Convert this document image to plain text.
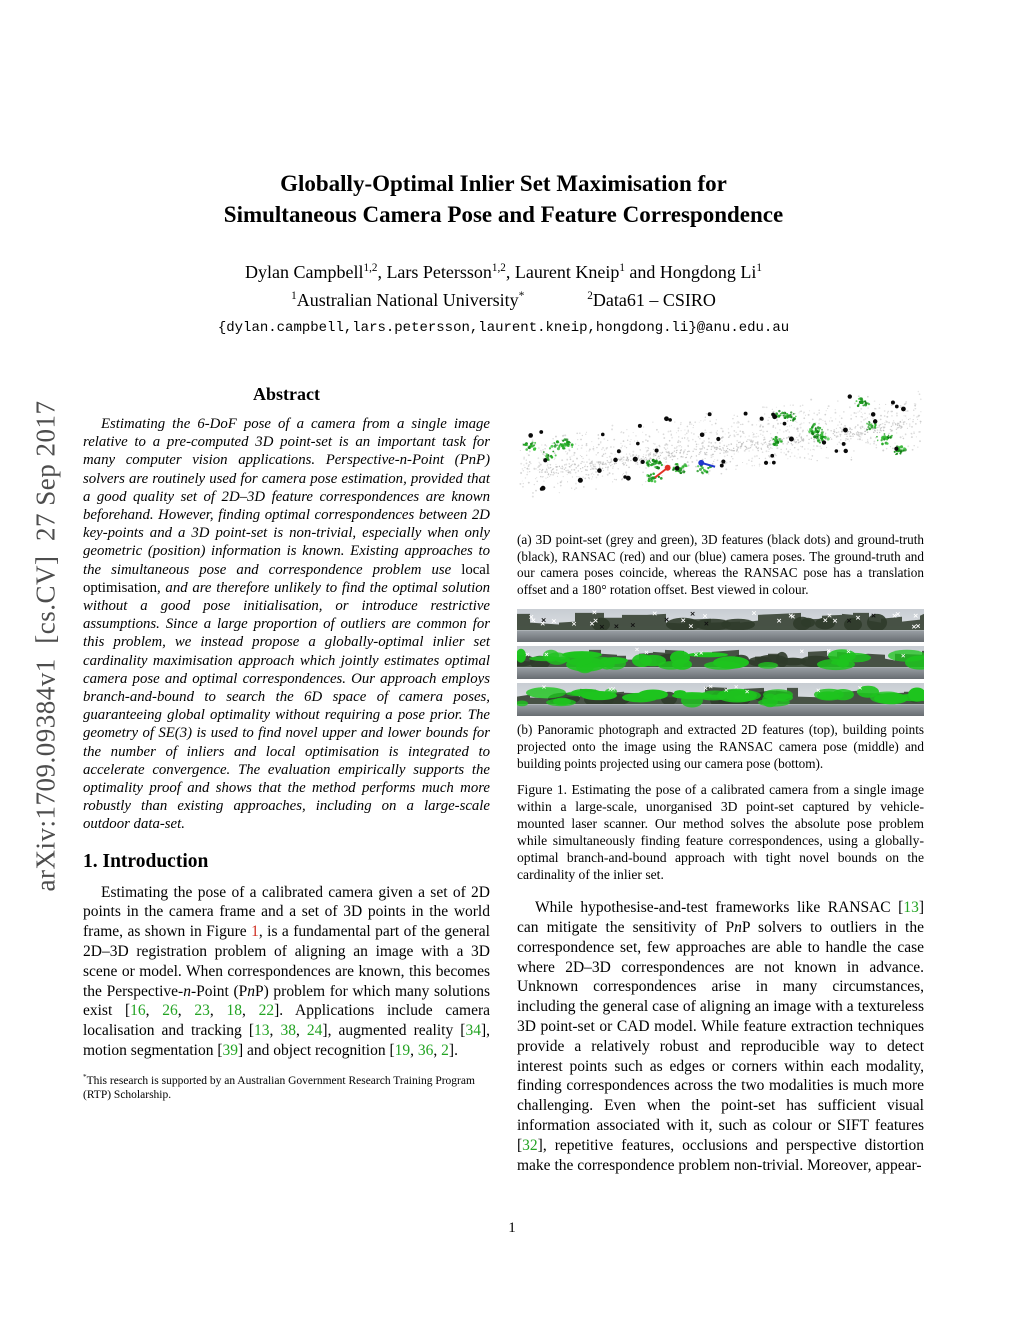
arXiv:1709.09384v1  [cs.CV]  27 Sep 2017
Globally-Optimal Inlier Set Maximisation for
Simultaneous Camera Pose and Feature Correspondence
Dylan Campbell$^{1,2}$, Lars Petersson$^{1,2}$, Laurent Kneip$^1$ and Hongdong Li$^1$
$^1$Australian National University*       	$^2$Data61 – CSIRO
{dylan.campbell,lars.petersson,laurent.kneip,hongdong.li}@anu.edu.au
Abstract

Estimating the 6-DoF pose of a camera from a single image relative to a pre-computed 3D point-set is an important task for many computer vision applications. Perspective-n-Point (PnP) solvers are routinely used for camera pose estimation, provided that a good quality set of 2D–3D feature correspondences are known beforehand. However, finding optimal correspondences between 2D key-points and a 3D point-set is non-trivial, especially when only geometric (position) information is known. Existing approaches to the simultaneous pose and correspondence problem use local optimisation, and are therefore unlikely to find the optimal solution without a good pose initialisation, or introduce restrictive assumptions. Since a large proportion of outliers are common for this problem, we instead propose a globally-optimal inlier set cardinality maximisation approach which jointly estimates optimal camera pose and optimal correspondences. Our approach employs branch-and-bound to search the 6D space of camera poses, guaranteeing global optimality without requiring a pose prior. The geometry of SE(3) is used to find novel upper and lower bounds for the number of inliers and local optimisation is integrated to accelerate convergence. The evaluation empirically supports the optimality proof and shows that the method performs much more robustly than existing approaches, including on a large-scale outdoor data-set.

1. Introduction

Estimating the pose of a calibrated camera given a set of 2D points in the camera frame and a set of 3D points in the world frame, as shown in Figure 1, is a fundamental part of the general 2D–3D registration problem of aligning an image with a 3D scene or model. When correspondences are known, this becomes the Perspective-n-Point (PnP) problem for which many solutions exist [16, 26, 23, 18, 22]. Applications include camera localisation and tracking [13, 38, 24], augmented reality [34], motion segmentation [39] and object recognition [19, 36, 2].

*This research is supported by an Australian Government Research Training Program (RTP) Scholarship.

(a) 3D point-set (grey and green), 3D features (black dots) and ground-truth (black), RANSAC (red) and our (blue) camera poses. The ground-truth and our camera poses coincide, whereas the RANSAC pose has a translation offset and a 180° rotation offset. Best viewed in colour.

(b) Panoramic photograph and extracted 2D features (top), building points projected onto the image using the RANSAC camera pose (middle) and building points projected using our camera pose (bottom).

Figure 1. Estimating the pose of a calibrated camera from a single image within a large-scale, unorganised 3D point-set captured by vehicle-mounted laser scanner. Our method solves the absolute pose problem while simultaneously finding feature correspondences, using a globally-optimal branch-and-bound approach with tight novel bounds on the cardinality of the inlier set.

While hypothesise-and-test frameworks like RANSAC [13] can mitigate the sensitivity of PnP solvers to outliers in the correspondence set, few approaches are able to handle the case where 2D–3D correspondences are not known in advance. Unknown correspondences arise in many circumstances, including the general case of aligning an image with a textureless 3D point-set or CAD model. While feature extraction techniques provide a relatively robust and reproducible way to detect interest points such as edges or corners within each modality, finding correspondences across the two modalities is much more challenging. Even when the point-set has sufficient visual information associated with it, such as colour or SIFT features [32], repetitive features, occlusions and perspective distortion make the correspondence problem non-trivial. Moreover, appear-

1
